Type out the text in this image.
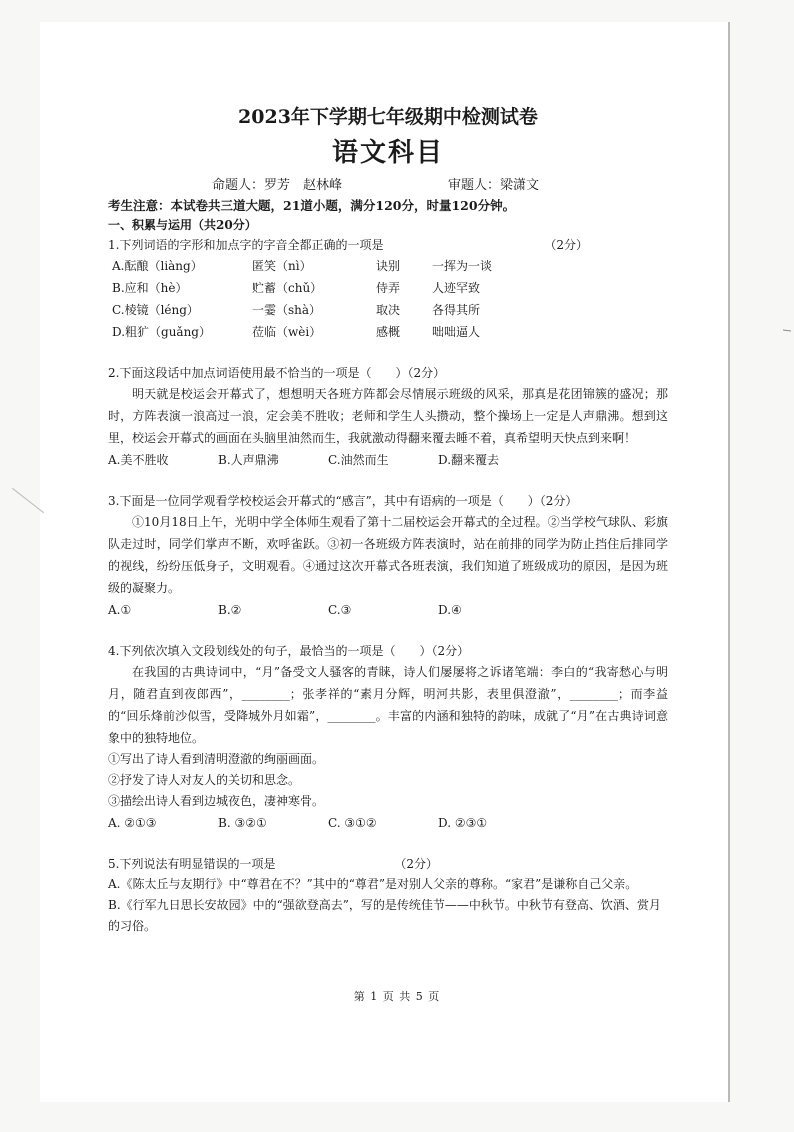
2023年下学期七年级期中检测试卷

语文科目

命题人：罗芳　赵林峰	审题人：梁潇文
考生注意：本试卷共三道大题，21道小题，满分120分，时量120分钟。
一、积累与运用（共20分）
1.下列词语的字形和加点字的字音全都正确的一项是	（2分）
A.酝酿（liàng）	匿笑（nì）	诀别	一挥为一谈
B.应和（hè）	贮蓄（chǔ）	侍弄	人迹罕致
C.棱镜（léng）	一霎（shà）	取决	各得其所
D.粗犷（guǎng）	莅临（wèi）	感概	咄咄逼人
2.下面这段话中加点词语使用最不恰当的一项是（　　）（2分）

明天就是校运会开幕式了，想想明天各班方阵都会尽情展示班级的风采，那真是花团锦簇的盛况；那时，方阵表演一浪高过一浪，定会美不胜收；老师和学生人头攒动，整个操场上一定是人声鼎沸。想到这里，校运会开幕式的画面在头脑里油然而生，我就激动得翻来覆去睡不着，真希望明天快点到来啊！

A.美不胜收	B.人声鼎沸	C.油然而生	D.翻来覆去
3.下面是一位同学观看学校校运会开幕式的“感言”，其中有语病的一项是（　　）（2分）

①10月18日上午，光明中学全体师生观看了第十二届校运会开幕式的全过程。②当学校气球队、彩旗队走过时，同学们掌声不断，欢呼雀跃。③初一各班级方阵表演时，站在前排的同学为防止挡住后排同学的视线，纷纷压低身子，文明观看。④通过这次开幕式各班表演，我们知道了班级成功的原因，是因为班级的凝聚力。

A.①	B.②	C.③	D.④
4.下列依次填入文段划线处的句子，最恰当的一项是（　　）（2分）

在我国的古典诗词中，“月”备受文人骚客的青睐，诗人们屡屡将之诉诸笔端：李白的“我寄愁心与明月，随君直到夜郎西”，________；张孝祥的“素月分辉，明河共影，表里俱澄澈”，________；而李益的“回乐烽前沙似雪，受降城外月如霜”，________。丰富的内涵和独特的韵味，成就了“月”在古典诗词意象中的独特地位。

①写出了诗人看到清明澄澈的绚丽画面。
②抒发了诗人对友人的关切和思念。
③描绘出诗人看到边城夜色，凄神寒骨。
A. ②①③	B. ③②①	C. ③①②	D. ②③①
5.下列说法有明显错误的一项是	（2分）
A.《陈太丘与友期行》中“尊君在不？”其中的“尊君”是对别人父亲的尊称。“家君”是谦称自己父亲。
B.《行军九日思长安故园》中的“强欲登高去”，写的是传统佳节——中秋节。中秋节有登高、饮酒、赏月的习俗。
第 1 页 共 5 页
